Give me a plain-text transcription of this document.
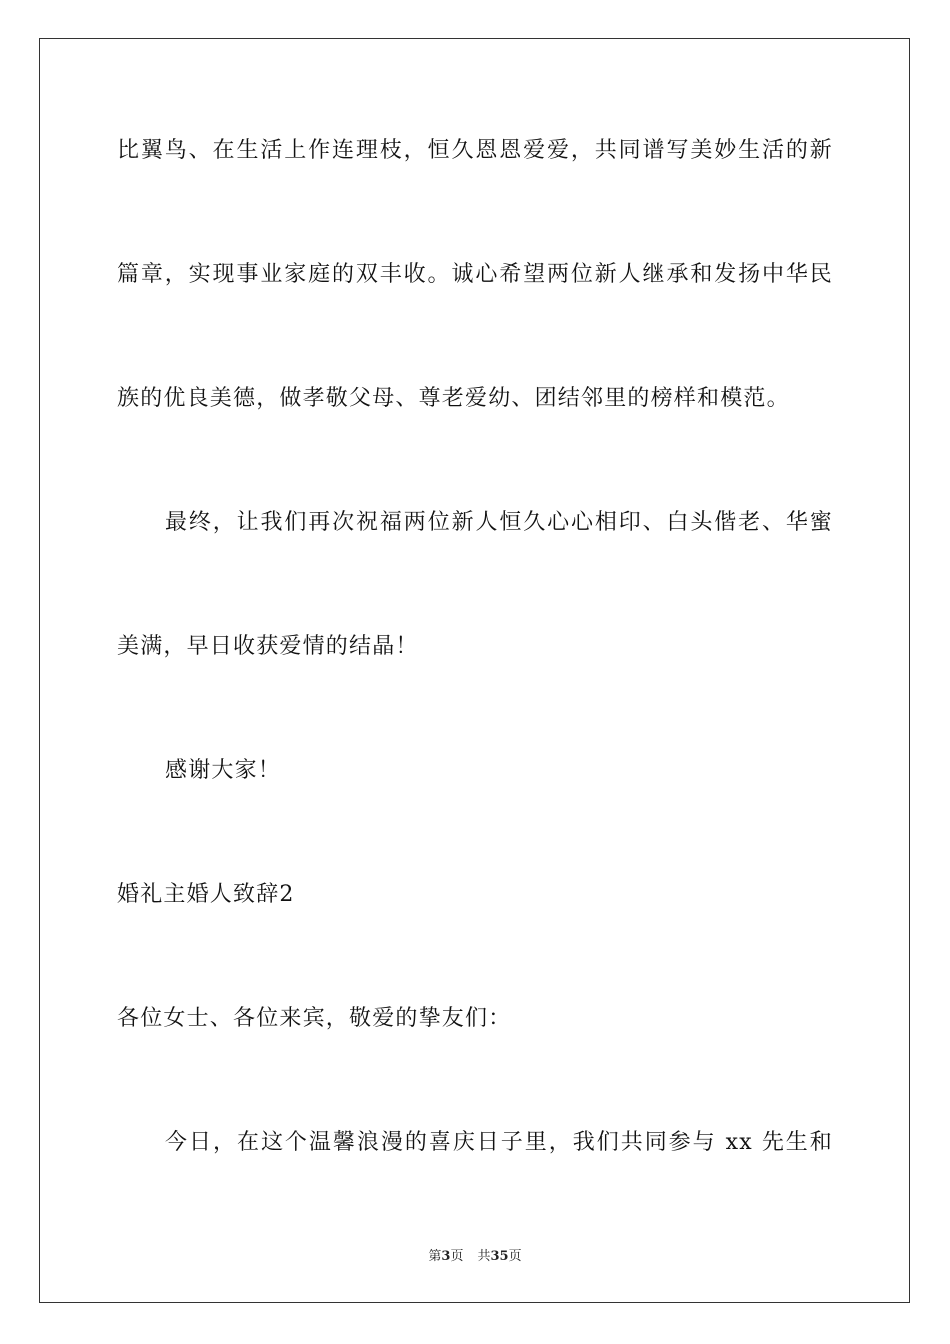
比翼鸟、在生活上作连理枝，恒久恩恩爱爱，共同谱写美妙生活的新
篇章，实现事业家庭的双丰收。诚心希望两位新人继承和发扬中华民
族的优良美德，做孝敬父母、尊老爱幼、团结邻里的榜样和模范。
最终，让我们再次祝福两位新人恒久心心相印、白头偕老、华蜜
美满，早日收获爱情的结晶！
感谢大家！
婚礼主婚人致辞2
各位女士、各位来宾，敬爱的挚友们：
今日，在这个温馨浪漫的喜庆日子里，我们共同参与 xx 先生和
第3页 共35页
